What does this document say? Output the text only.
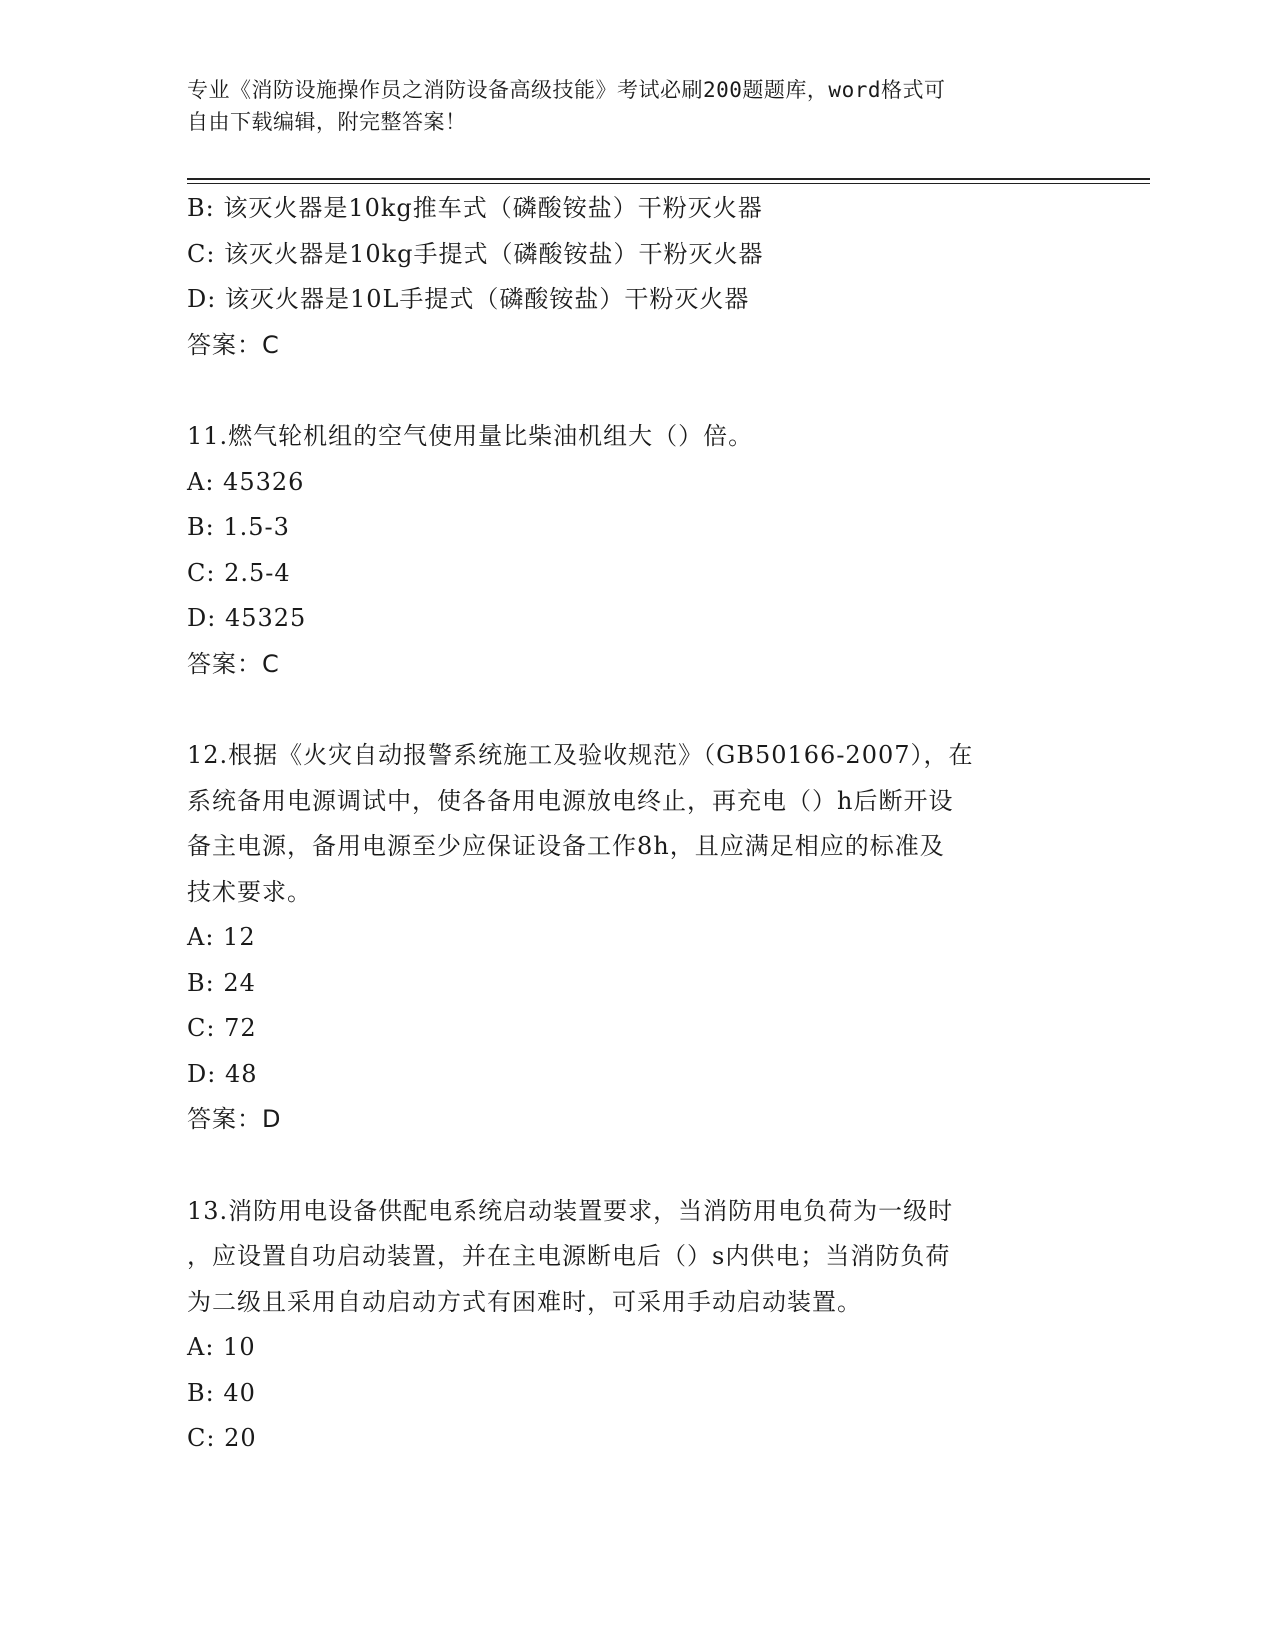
专业《消防设施操作员之消防设备高级技能》考试必刷200题题库，word格式可
自由下载编辑，附完整答案！
B: 该灭火器是10kg推车式（磷酸铵盐）干粉灭火器
C: 该灭火器是10kg手提式（磷酸铵盐）干粉灭火器
D: 该灭火器是10L手提式（磷酸铵盐）干粉灭火器
答案：C
11.燃气轮机组的空气使用量比柴油机组大（）倍。
A: 45326
B: 1.5-3
C: 2.5-4
D: 45325
答案：C
12.根据《火灾自动报警系统施工及验收规范》（GB50166-2007），在
系统备用电源调试中，使各备用电源放电终止，再充电（）h后断开设
备主电源，备用电源至少应保证设备工作8h，且应满足相应的标准及
技术要求。
A: 12
B: 24
C: 72
D: 48
答案：D
13.消防用电设备供配电系统启动装置要求，当消防用电负荷为一级时
，应设置自功启动装置，并在主电源断电后（）s内供电；当消防负荷
为二级且采用自动启动方式有困难时，可采用手动启动装置。
A: 10
B: 40
C: 20
